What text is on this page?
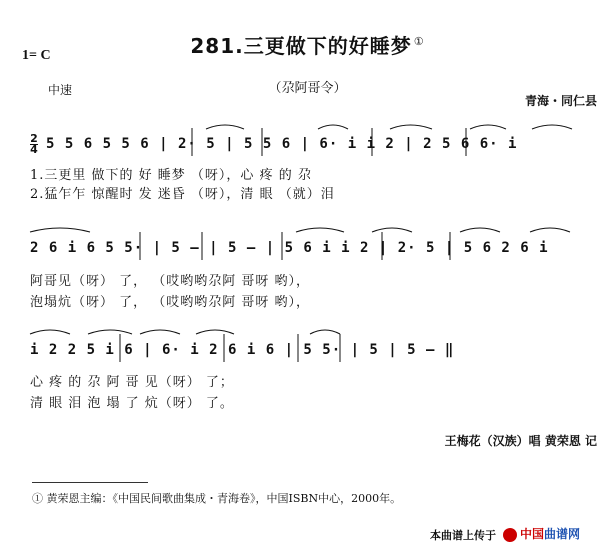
281.三更做下的好睡梦 ①
1= C
中速	（尕阿哥令）
青海・同仁县
2
4 5 5 6 5 5 6 | 2· 5 | 5 5 6 | 6· i i 2 | 2 5 6 6· i
1.三更里 做下的 好 睡梦 （呀），心 疼 的 尕
2.猛乍乍 惊醒时 发 迷昏 （呀），清 眼 （就）泪
2 6 i 6 5 5· | 5 — | 5 — | 5 6 i i 2 | 2· 5 | 5 6 2 6 i
阿哥见（呀） 了， （哎哟哟尕阿 哥呀 哟），
泡塌炕（呀） 了， （哎哟哟尕阿 哥呀 哟），
i 2 2 5 i 6 | 6· i 2 6 i 6 | 5 5· | 5 | 5 — ‖
心 疼 的 尕 阿 哥 见（呀） 了；
清 眼 泪 泡 塌 了 炕（呀） 了。
王梅花（汉族）唱 黄荣恩 记
① 黄荣恩主编：《中国民间歌曲集成・青海卷》，中国ISBN中心，2000年。
本曲谱上传于	中国曲谱网
